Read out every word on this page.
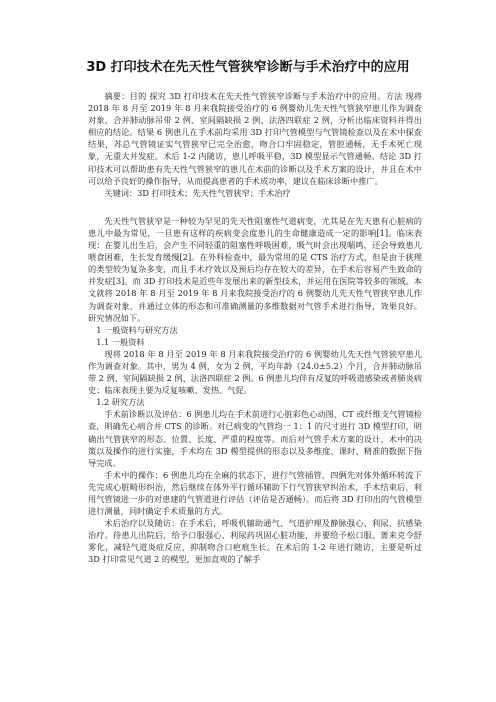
3D 打印技术在先天性气管狭窄诊断与手术治疗中的应用

摘要：目的 探究 3D 打印技术在先天性气管狭窄诊断与手术治疗中的应用。方法 现将 2018 年 8 月至 2019 年 8 月来我院接受治疗的 6 例婴幼儿先天性气管狭窄患儿作为调查对象，合并肺动脉吊带 2 例、室间隔缺损 2 例、法洛四联症 2 例，分析出临床资料并得出相应的结论。结果 6 例患儿在手术前均采用 3D 打印气管模型与气管镜检查以及在术中探查结果，苏总气管镜证实气管狭窄已完全治愈，吻合口牢固稳定，管腔通畅，无手术死亡现象，无重大并发症。术后 1-2 内随访，患儿呼吸平稳，3D 模型显示气管通畅。结论 3D 打印技术可以帮助患有先天性气管狭窄的患儿在术前的诊断以及手术方案的设计，并且在术中可以给予良好的操作指导，从而提高患者的手术成功率，建议在临床诊断中推广。

关键词：3D 打印技术；先天性气管狭窄；手术治疗

先天性气管狭窄是一种较为罕见的先天性阻塞性气道病变，尤其是在先天患有心脏病的患儿中最为常见，一旦患有这样的疾病变会度患儿的生命健康造成一定的影响[1]。临床表现：在婴儿出生后，会产生不同轻重的阻塞性呼吸困难，吸气时会出现喘鸣，还会导致患儿喂食困难，生长发育缓慢[2]。在外科检查中，最为常用的是 CTS 治疗方式，但是由于狭理的类型较为复杂多变，而且手术疗效以及预后均存在较大的差异，在手术后容易产生致命的并发症[3]。而 3D 打印技术是近些年发展出来的新型技术，并运用在医院等较多的领域。本文就将 2018 年 8 月至 2019 年 8 月来我院接受治疗的 6 例婴幼儿先天性气管狭窄患儿作为调查对象，并通过立体的形态和可准确测量的多维数据对气管手术进行指导，效果良好。研究情况如下。

1 一般资料与研究方法

1.1 一般资料

现将 2018 年 8 月至 2019 年 8 月来我院接受治疗的 6 例婴幼儿先天性气管狭窄患儿作为调查对象。其中，男为 4 例，女为 2 例，平均年龄（24.0±5.2）个月，合并肺动脉吊带 2 例、室间隔缺损 2 例、法洛四联症 2 例。6 例患儿均伴有反复的呼吸道感染或者肺炎病史；临床表现主要为反复咳嗽、发热、气促。

1.2 研究方法

手术前诊断以及评估：6 例患儿均在手术前进行心脏彩色心动图、CT 或纤维支气管镜检查，明确先心病合并 CTS 的诊断。对已病变的气管均一 1：1 的尺寸进行 3D 模型打印，明确出气管狭窄的形态、位置、长度、严重的程度等。而后对气管手术方案的设计、术中的决策以及操作的进行实施，手术均在 3D 模型提供的形态以及多维度、课时、精准的数据下指导完成。

手术中的操作：6 例患儿均在全麻的状态下，进行气管插管，四俩先对体外循环转流下先完成心脏畸形纠治，然后继续在体外平行循环辅助下行气管狭窄纠治术，手术结束后，利用气管镜进一步的对患建的气管道进行评估（评估是否通畅）。而后将 3D 打印出的气管模型进行测量，同时确定手术质量的方式。

术后治疗以及随访：在手术后，呼吸机辅助通气、气道护理及静脉强心、利尿、抗感染治疗。待患儿出院后，给予口服强心、利尿药巩固心脏功能，并要给予松口服、蔷来克令舒雾化，减轻气道炎症反应，抑制吻合口疤痕生长。在术后的 1-2 年进行随访，主要是听过 3D 打印常见气道 2 的模型，更加直观的了解手
